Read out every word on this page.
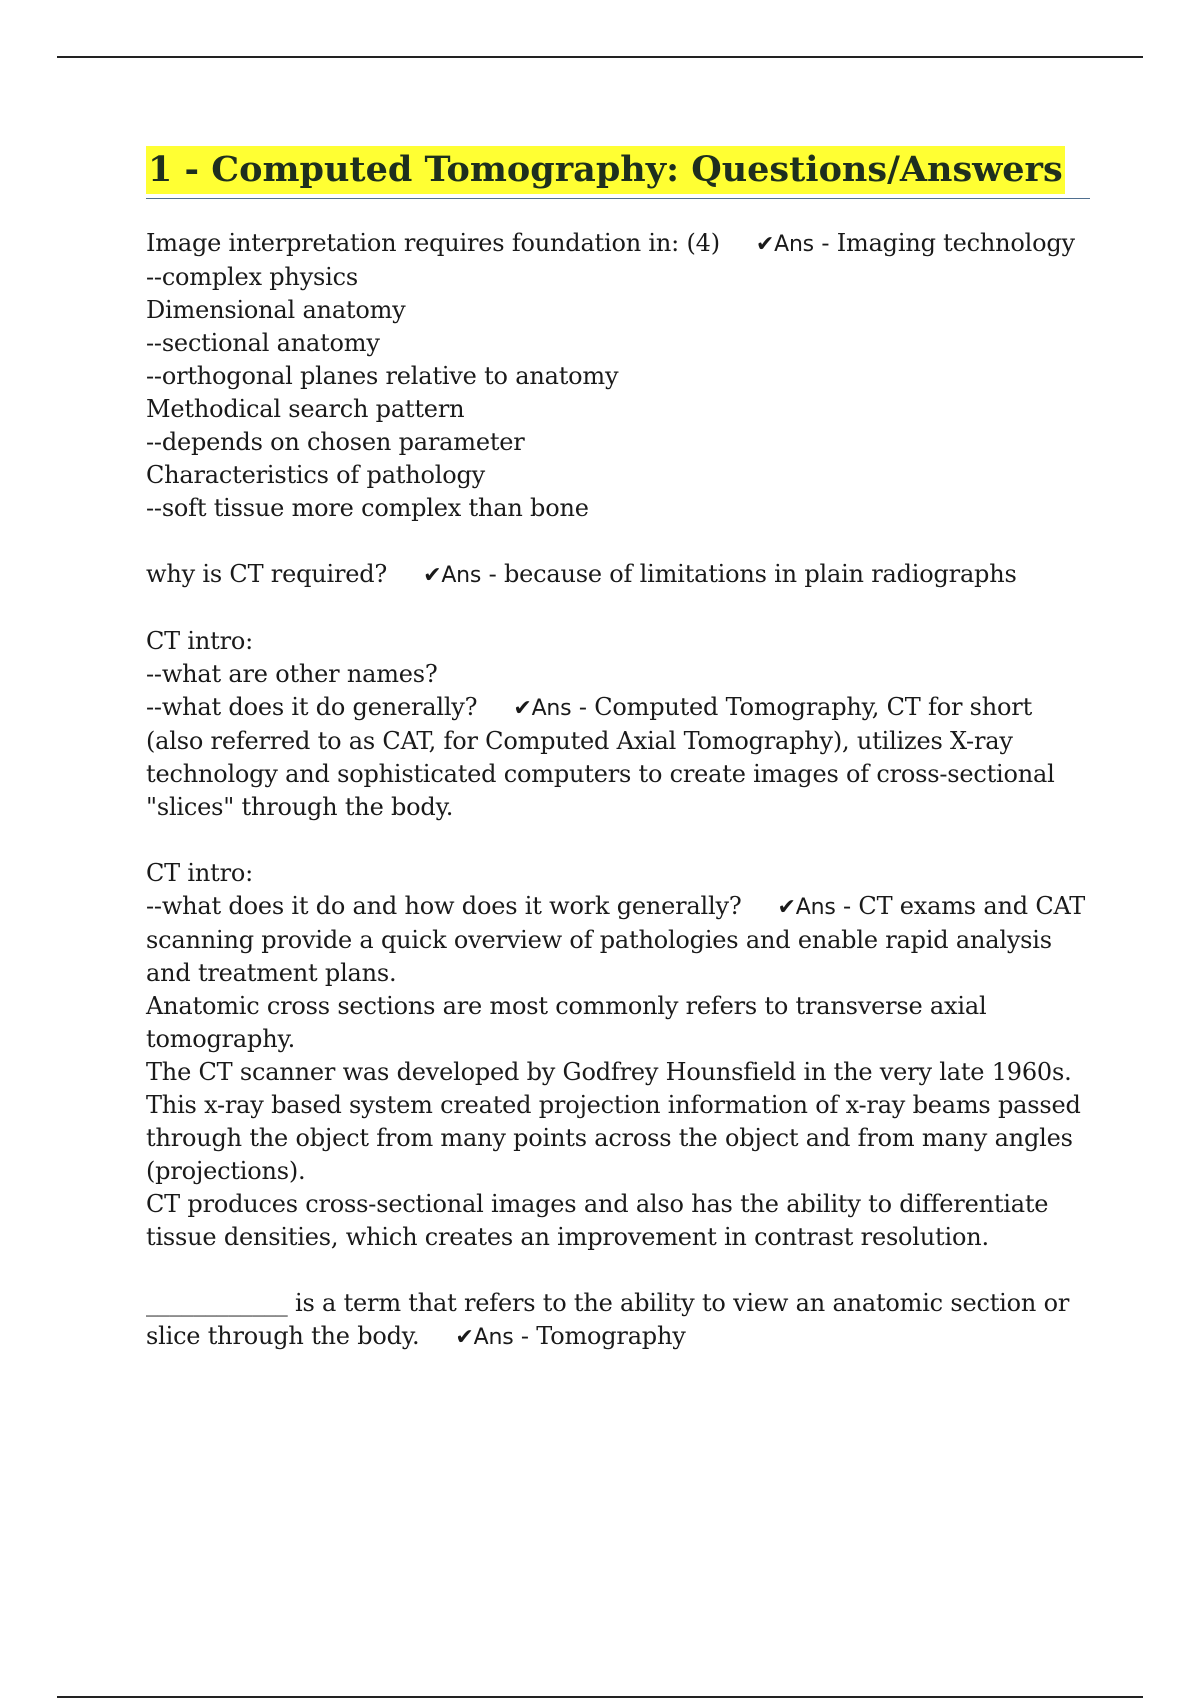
1 - Computed Tomography: Questions/Answers
Image interpretation requires foundation in: (4) ✔Ans - Imaging technology
--complex physics
Dimensional anatomy
--sectional anatomy
--orthogonal planes relative to anatomy
Methodical search pattern
--depends on chosen parameter
Characteristics of pathology
--soft tissue more complex than bone
why is CT required? ✔Ans - because of limitations in plain radiographs
CT intro:
--what are other names?
--what does it do generally? ✔Ans - Computed Tomography, CT for short (also referred to as CAT, for Computed Axial Tomography), utilizes X-ray technology and sophisticated computers to create images of cross-sectional "slices" through the body.
CT intro:
--what does it do and how does it work generally? ✔Ans - CT exams and CAT scanning provide a quick overview of pathologies and enable rapid analysis and treatment plans.
Anatomic cross sections are most commonly refers to transverse axial tomography.
The CT scanner was developed by Godfrey Hounsfield in the very late 1960s. This x-ray based system created projection information of x-ray beams passed through the object from many points across the object and from many angles (projections).
CT produces cross-sectional images and also has the ability to differentiate tissue densities, which creates an improvement in contrast resolution.
____________ is a term that refers to the ability to view an anatomic section or slice through the body. ✔Ans - Tomography
